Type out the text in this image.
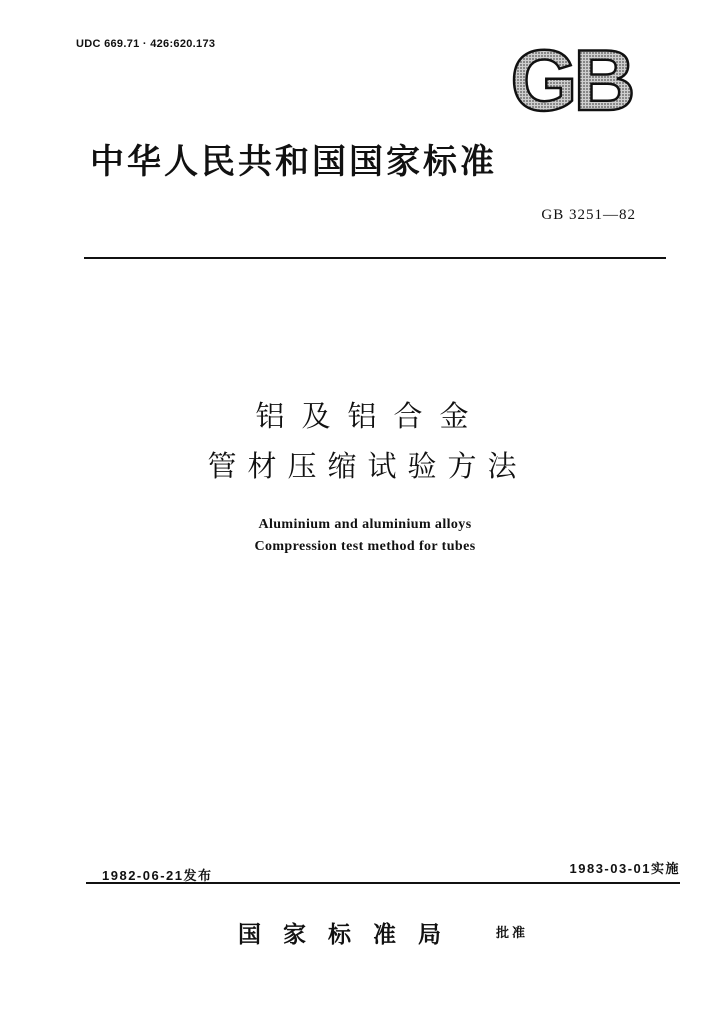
UDC 669.71 · 426:620.173	GB
中华人民共和国国家标准
GB 3251—82
铝及铝合金
管材压缩试验方法
Aluminium and aluminium alloys
Compression test method for tubes
1982-06-21发布	1983-03-01实施
国家标准局	批准
